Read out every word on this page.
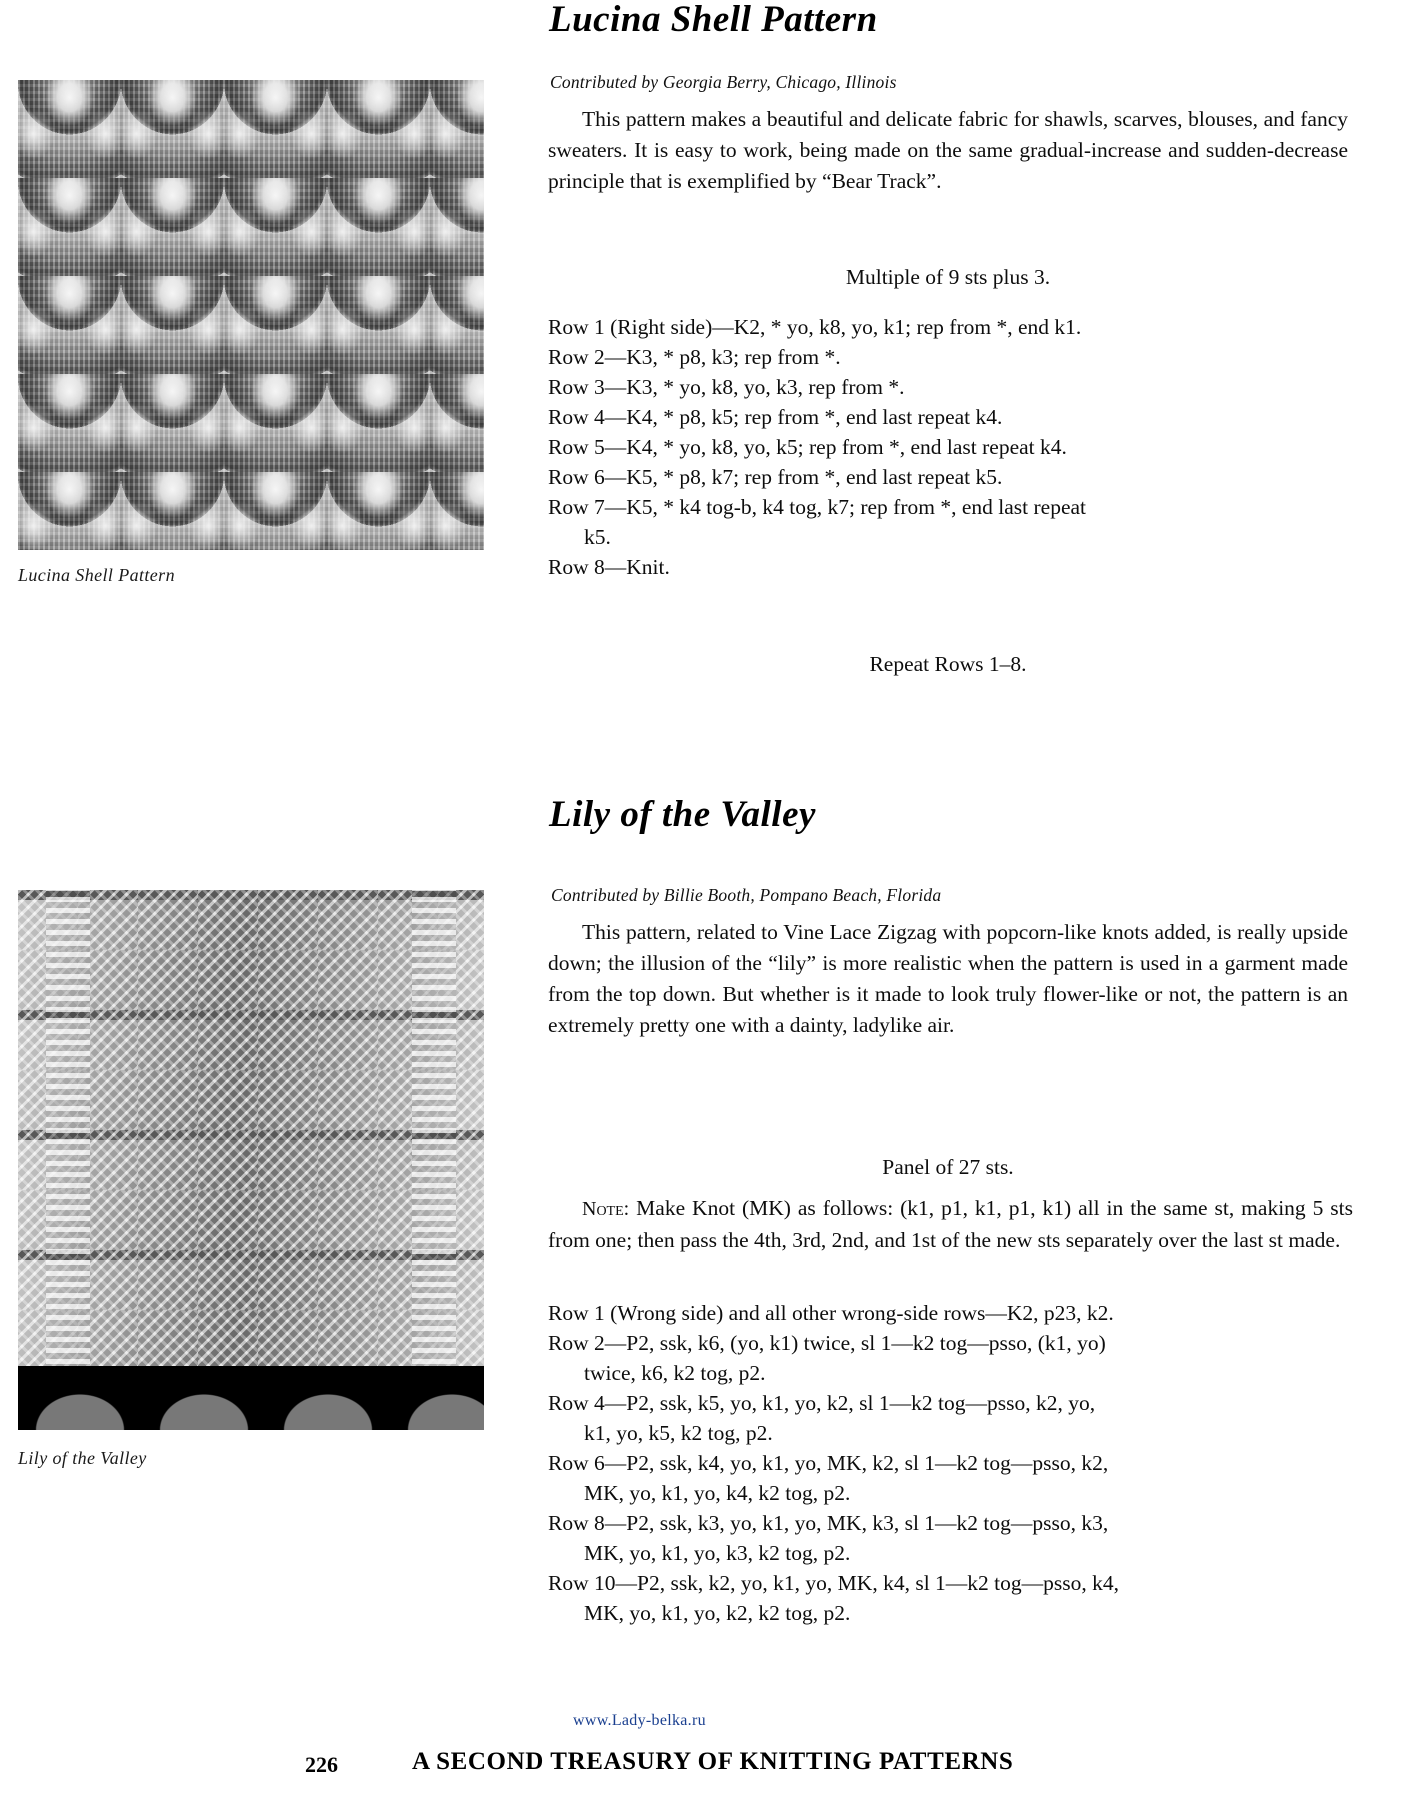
Lucina Shell Pattern
Contributed by Georgia Berry, Chicago, Illinois
This pattern makes a beautiful and delicate fabric for shawls, scarves, blouses, and fancy sweaters. It is easy to work, being made on the same gradual-increase and sudden-decrease principle that is exemplified by “Bear Track”.
Multiple of 9 sts plus 3.
Row 1 (Right side)—K2, * yo, k8, yo, k1; rep from *, end k1.
Row 2—K3, * p8, k3; rep from *.
Row 3—K3, * yo, k8, yo, k3, rep from *.
Row 4—K4, * p8, k5; rep from *, end last repeat k4.
Row 5—K4, * yo, k8, yo, k5; rep from *, end last repeat k4.
Row 6—K5, * p8, k7; rep from *, end last repeat k5.
Row 7—K5, * k4 tog-b, k4 tog, k7; rep from *, end last repeat
k5.
Row 8—Knit.
Repeat Rows 1–8.
Lucina Shell Pattern
Lily of the Valley
Contributed by Billie Booth, Pompano Beach, Florida
This pattern, related to Vine Lace Zigzag with popcorn-like knots added, is really upside down; the illusion of the “lily” is more realistic when the pattern is used in a garment made from the top down. But whether is it made to look truly flower-like or not, the pattern is an extremely pretty one with a dainty, ladylike air.
Panel of 27 sts.
Note: Make Knot (MK) as follows: (k1, p1, k1, p1, k1) all in the same st, making 5 sts from one; then pass the 4th, 3rd, 2nd, and 1st of the new sts separately over the last st made.
Row 1 (Wrong side) and all other wrong-side rows—K2, p23, k2.
Row 2—P2, ssk, k6, (yo, k1) twice, sl 1—k2 tog—psso, (k1, yo)
twice, k6, k2 tog, p2.
Row 4—P2, ssk, k5, yo, k1, yo, k2, sl 1—k2 tog—psso, k2, yo,
k1, yo, k5, k2 tog, p2.
Row 6—P2, ssk, k4, yo, k1, yo, MK, k2, sl 1—k2 tog—psso, k2,
MK, yo, k1, yo, k4, k2 tog, p2.
Row 8—P2, ssk, k3, yo, k1, yo, MK, k3, sl 1—k2 tog—psso, k3,
MK, yo, k1, yo, k3, k2 tog, p2.
Row 10—P2, ssk, k2, yo, k1, yo, MK, k4, sl 1—k2 tog—psso, k4,
MK, yo, k1, yo, k2, k2 tog, p2.
Lily of the Valley
www.Lady-belka.ru
226	A SECOND TREASURY OF KNITTING PATTERNS
